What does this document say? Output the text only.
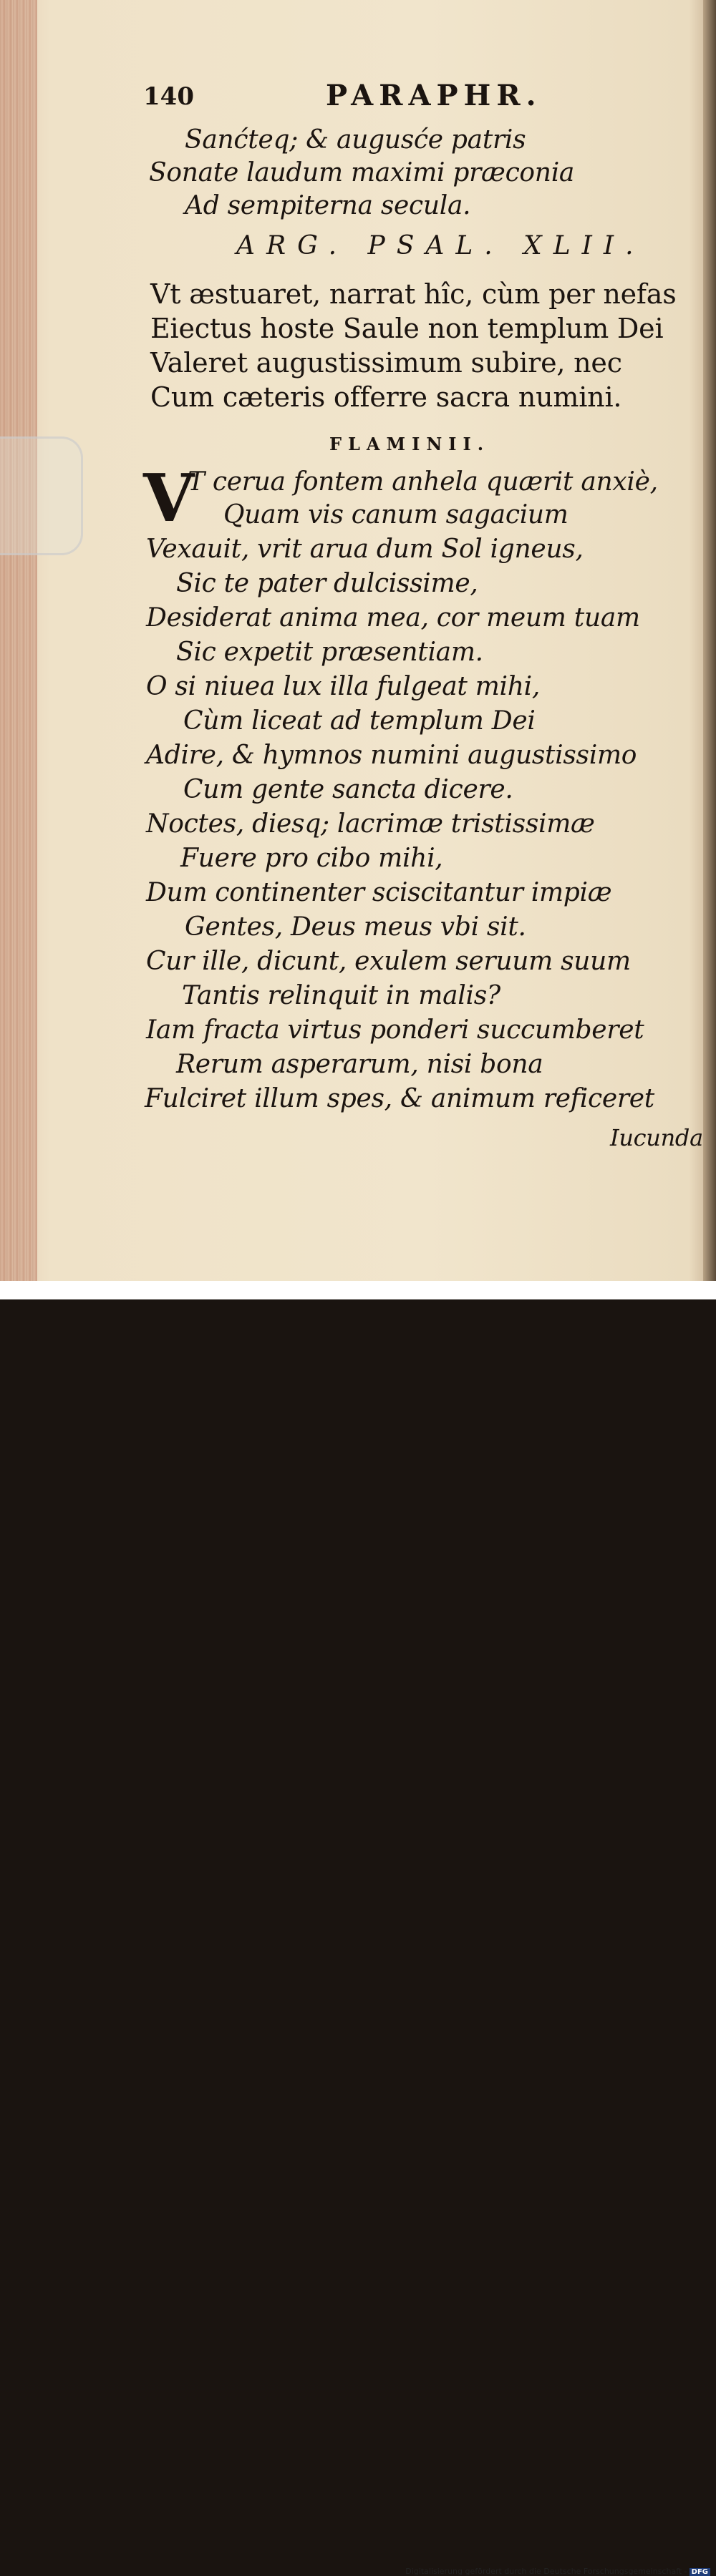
140	PARAPHR.
Sanćteq; & augusće patris
Sonate laudum maximi præconia
Ad sempiterna secula.
ARG. PSAL. XLII.
Vt æstuaret, narrat hîc, cùm per nefas
Eiectus hoste Saule non templum Dei
Valeret augustissimum subire, nec
Cum cæteris offerre sacra numini.
FLAMINII.
V
T cerua fontem anhela quærit anxiè,
Quam vis canum sagacium
Vexauit, vrit arua dum Sol igneus,
Sic te pater dulcissime,
Desiderat anima mea, cor meum tuam
Sic expetit præsentiam.
O si niuea lux illa fulgeat mihi,
Cùm liceat ad templum Dei
Adire, & hymnos numini augustissimo
Cum gente sancta dicere.
Noctes, diesq; lacrimæ tristissimæ
Fuere pro cibo mihi,
Dum continenter sciscitantur impiæ
Gentes, Deus meus vbi sit.
Cur ille, dicunt, exulem seruum suum
Tantis relinquit in malis?
Iam fracta virtus ponderi succumberet
Rerum asperarum, nisi bona
Fulciret illum spes, & animum reficeret
Iucunda
Digitalisierung gefördert durch die Deutsche Forschungsgemeinschaft - DFG
